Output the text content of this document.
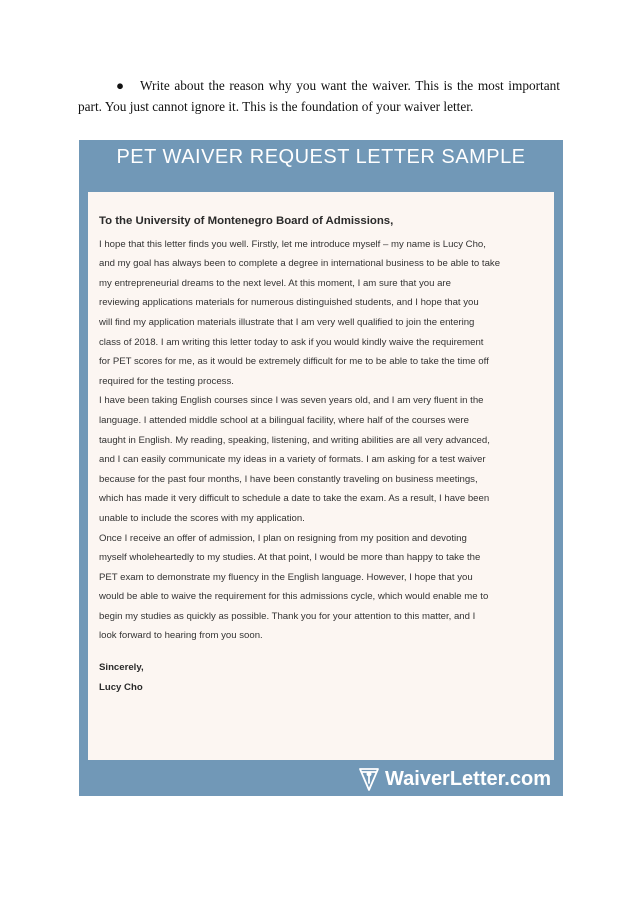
● Write about the reason why you want the waiver. This is the most important part. You just cannot ignore it. This is the foundation of your waiver letter.
PET WAIVER REQUEST LETTER SAMPLE
To the University of Montenegro Board of Admissions,
I hope that this letter finds you well. Firstly, let me introduce myself – my name is Lucy Cho,
and my goal has always been to complete a degree in international business to be able to take
my entrepreneurial dreams to the next level. At this moment, I am sure that you are
reviewing applications materials for numerous distinguished students, and I hope that you
will find my application materials illustrate that I am very well qualified to join the entering
class of 2018. I am writing this letter today to ask if you would kindly waive the requirement
for PET scores for me, as it would be extremely difficult for me to be able to take the time off
required for the testing process.
I have been taking English courses since I was seven years old, and I am very fluent in the
language. I attended middle school at a bilingual facility, where half of the courses were
taught in English. My reading, speaking, listening, and writing abilities are all very advanced,
and I can easily communicate my ideas in a variety of formats. I am asking for a test waiver
because for the past four months, I have been constantly traveling on business meetings,
which has made it very difficult to schedule a date to take the exam. As a result, I have been
unable to include the scores with my application.
Once I receive an offer of admission, I plan on resigning from my position and devoting
myself wholeheartedly to my studies. At that point, I would be more than happy to take the
PET exam to demonstrate my fluency in the English language. However, I hope that you
would be able to waive the requirement for this admissions cycle, which would enable me to
begin my studies as quickly as possible. Thank you for your attention to this matter, and I
look forward to hearing from you soon.
Sincerely,
Lucy Cho
WaiverLetter.com
